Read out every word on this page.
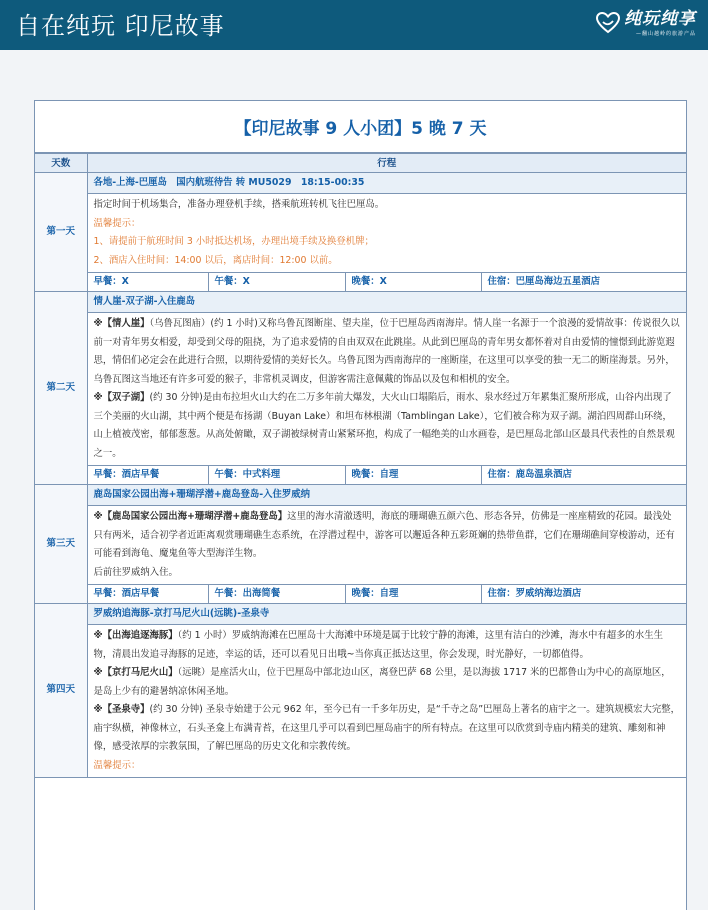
自在纯玩 印尼故事	纯玩纯享
—翻山越岭的旅游产品
【印尼故事 9 人小团】5 晚 7 天
天数	行程
第一天	各地-上海-巴厘岛　国内航班待告 转 MU5029　18:15-00:35

	指定时间于机场集合，准备办理登机手续，搭乘航班转机飞往巴厘岛。
温馨提示：
1、请提前于航班时间 3 小时抵达机场，办理出境手续及换登机牌；
2、酒店入住时间：14:00 以后，离店时间：12:00 以前。

	早餐：X 午餐：X 晚餐：X 住宿：巴厘岛海边五星酒店

第二天	情人崖-双子湖-入住鹿岛

	※【情人崖】（乌鲁瓦图庙）(约 1 小时)又称乌鲁瓦图断崖、望夫崖，位于巴厘岛西南海岸。情人崖一名源于一个浪漫的爱情故事：传说很久以前一对青年男女相爱，却受到父母的阻挠，为了追求爱情的自由双双在此跳崖。从此到巴厘岛的青年男女都怀着对自由爱情的憧憬到此游览遐思，情侣们必定会在此进行合照，以期待爱情的美好长久。乌鲁瓦图为西南海岸的一座断崖，在这里可以享受的独一无二的断崖海景。另外，乌鲁瓦图这当地还有许多可爱的猴子，非常机灵调皮，但游客需注意佩戴的饰品以及包和相机的安全。
※【双子湖】(约 30 分钟)是由布拉坦火山大约在二万多年前大爆发，大火山口塌陷后，雨水、泉水经过万年累集汇聚所形成，山谷内出现了三个美丽的火山湖，其中两个便是布扬湖（Buyan Lake）和坦布林根湖（Tamblingan Lake），它们被合称为双子湖。湖泊四周群山环绕，山上植被茂密，郁郁葱葱。从高处俯瞰，双子湖被绿树青山紧紧环抱，构成了一幅绝美的山水画卷，是巴厘岛北部山区最具代表性的自然景观之一。

	早餐：酒店早餐 午餐：中式料理 晚餐：自理 住宿：鹿岛温泉酒店

第三天	鹿岛国家公园出海+珊瑚浮潜+鹿岛登岛-入住罗威纳

	※【鹿岛国家公园出海+珊瑚浮潜+鹿岛登岛】这里的海水清澈透明，海底的珊瑚礁五颜六色、形态各异，仿佛是一座座精致的花园。最浅处只有两米，适合初学者近距离观赏珊瑚礁生态系统，在浮潜过程中，游客可以邂逅各种五彩斑斓的热带鱼群，它们在珊瑚礁间穿梭游动，还有可能看到海龟、魔鬼鱼等大型海洋生物。
后前往罗威纳入住。

	早餐：酒店早餐 午餐：出海简餐 晚餐：自理 住宿：罗威纳海边酒店

第四天	罗威纳追海豚-京打马尼火山(远眺)-圣泉寺

	※【出海追逐海豚】（约 1 小时）罗威纳海滩在巴厘岛十大海滩中环境是属于比较宁静的海滩，这里有洁白的沙滩，海水中有超多的水生生物，清晨出发追寻海豚的足迹，幸运的话，还可以看见日出哦~当你真正抵达这里，你会发现，时光静好，一切都值得。
※【京打马尼火山】（远眺）是座活火山，位于巴厘岛中部北边山区，离登巴萨 68 公里，是以海拔 1717 米的巴都鲁山为中心的高原地区，是岛上少有的避暑纳凉休闲圣地。
※【圣泉寺】(约 30 分钟) 圣泉寺始建于公元 962 年，至今已有一千多年历史，是“千寺之岛”巴厘岛上著名的庙宇之一。建筑规模宏大完整，庙宇纵横，神像林立，石头圣龛上布满青苔，在这里几乎可以看到巴厘岛庙宇的所有特点。在这里可以欣赏到寺庙内精美的建筑、雕刻和神像，感受浓厚的宗教氛围，了解巴厘岛的历史文化和宗教传统。
温馨提示：
